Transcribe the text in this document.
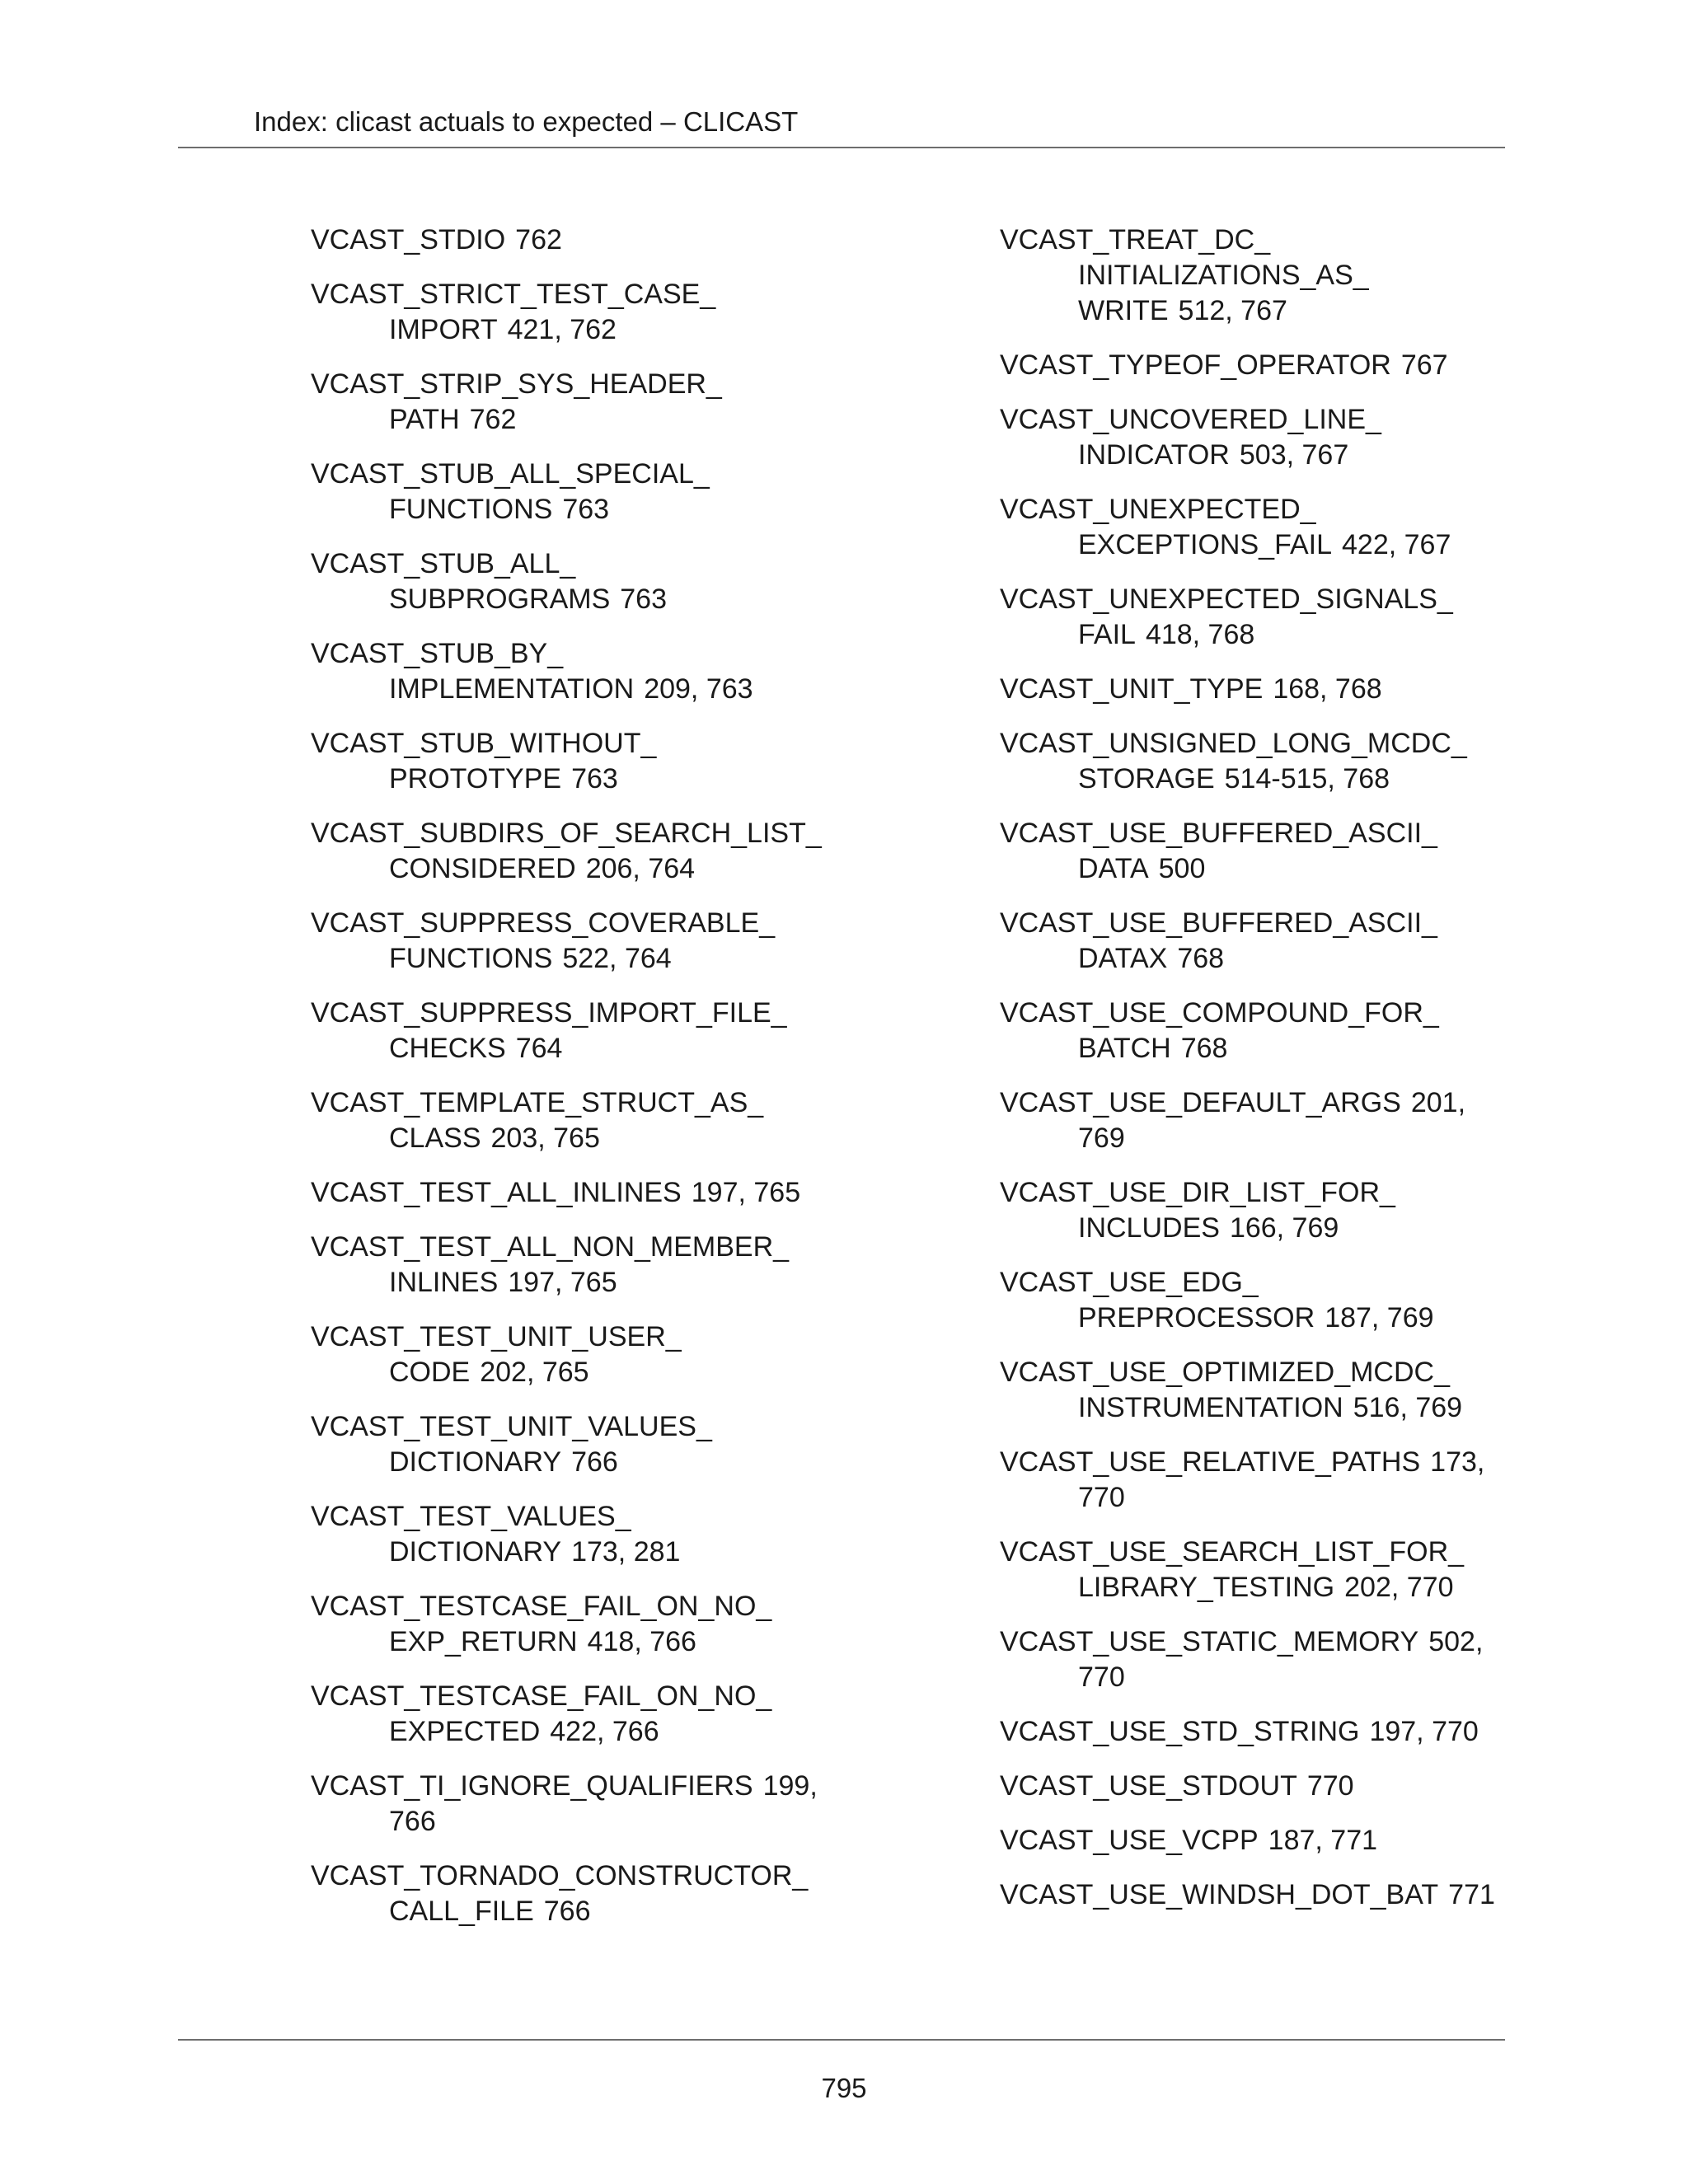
Index: clicast actuals to expected – CLICAST
VCAST_STDIO 762
VCAST_STRICT_TEST_CASE_
IMPORT 421, 762
VCAST_STRIP_SYS_HEADER_
PATH 762
VCAST_STUB_ALL_SPECIAL_
FUNCTIONS 763
VCAST_STUB_ALL_
SUBPROGRAMS 763
VCAST_STUB_BY_
IMPLEMENTATION 209, 763
VCAST_STUB_WITHOUT_
PROTOTYPE 763
VCAST_SUBDIRS_OF_SEARCH_LIST_
CONSIDERED 206, 764
VCAST_SUPPRESS_COVERABLE_
FUNCTIONS 522, 764
VCAST_SUPPRESS_IMPORT_FILE_
CHECKS 764
VCAST_TEMPLATE_STRUCT_AS_
CLASS 203, 765
VCAST_TEST_ALL_INLINES 197, 765
VCAST_TEST_ALL_NON_MEMBER_
INLINES 197, 765
VCAST_TEST_UNIT_USER_
CODE 202, 765
VCAST_TEST_UNIT_VALUES_
DICTIONARY 766
VCAST_TEST_VALUES_
DICTIONARY 173, 281
VCAST_TESTCASE_FAIL_ON_NO_
EXP_RETURN 418, 766
VCAST_TESTCASE_FAIL_ON_NO_
EXPECTED 422, 766
VCAST_TI_IGNORE_QUALIFIERS 199,
766
VCAST_TORNADO_CONSTRUCTOR_
CALL_FILE 766
VCAST_TREAT_DC_
INITIALIZATIONS_AS_
WRITE 512, 767
VCAST_TYPEOF_OPERATOR 767
VCAST_UNCOVERED_LINE_
INDICATOR 503, 767
VCAST_UNEXPECTED_
EXCEPTIONS_FAIL 422, 767
VCAST_UNEXPECTED_SIGNALS_
FAIL 418, 768
VCAST_UNIT_TYPE 168, 768
VCAST_UNSIGNED_LONG_MCDC_
STORAGE 514-515, 768
VCAST_USE_BUFFERED_ASCII_
DATA 500
VCAST_USE_BUFFERED_ASCII_
DATAX 768
VCAST_USE_COMPOUND_FOR_
BATCH 768
VCAST_USE_DEFAULT_ARGS 201,
769
VCAST_USE_DIR_LIST_FOR_
INCLUDES 166, 769
VCAST_USE_EDG_
PREPROCESSOR 187, 769
VCAST_USE_OPTIMIZED_MCDC_
INSTRUMENTATION 516, 769
VCAST_USE_RELATIVE_PATHS 173,
770
VCAST_USE_SEARCH_LIST_FOR_
LIBRARY_TESTING 202, 770
VCAST_USE_STATIC_MEMORY 502,
770
VCAST_USE_STD_STRING 197, 770
VCAST_USE_STDOUT 770
VCAST_USE_VCPP 187, 771
VCAST_USE_WINDSH_DOT_BAT 771
795
